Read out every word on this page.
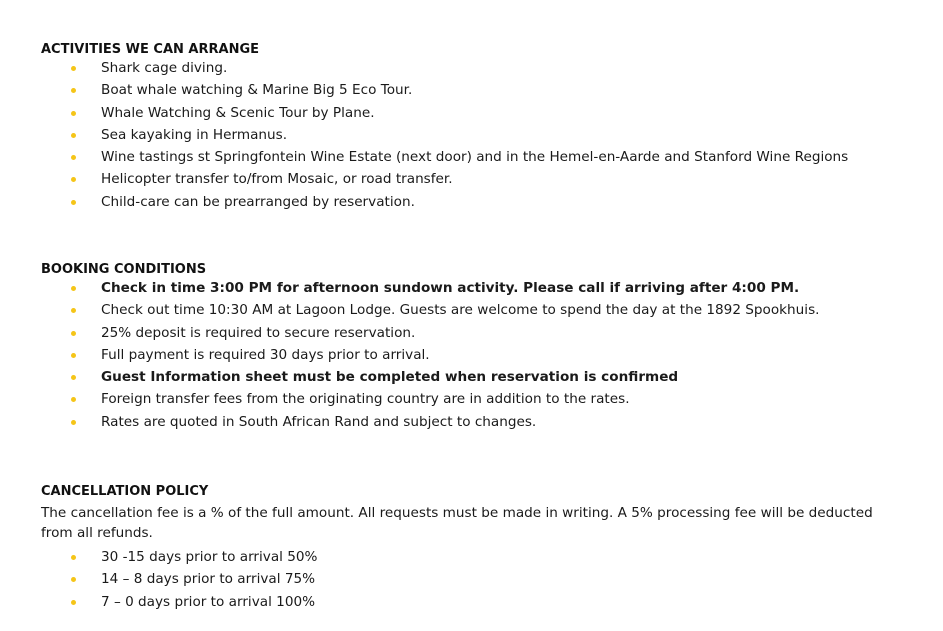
ACTIVITIES WE CAN ARRANGE
Shark cage diving.
Boat whale watching & Marine Big 5 Eco Tour.
Whale Watching & Scenic Tour by Plane.
Sea kayaking in Hermanus.
Wine tastings st Springfontein Wine Estate (next door) and in the Hemel-en-Aarde and Stanford Wine Regions
Helicopter transfer to/from Mosaic, or road transfer.
Child-care can be prearranged by reservation.
BOOKING CONDITIONS
Check in time 3:00 PM for afternoon sundown activity. Please call if arriving after 4:00 PM.
Check out time 10:30 AM at Lagoon Lodge. Guests are welcome to spend the day at the 1892 Spookhuis.
25% deposit is required to secure reservation.
Full payment is required 30 days prior to arrival.
Guest Information sheet must be completed when reservation is confirmed
Foreign transfer fees from the originating country are in addition to the rates.
Rates are quoted in South African Rand and subject to changes.
CANCELLATION POLICY
The cancellation fee is a % of the full amount. All requests must be made in writing. A 5% processing fee will be deducted from all refunds.
30 -15 days prior to arrival 50%
14 – 8 days prior to arrival 75%
7 – 0 days prior to arrival 100%
